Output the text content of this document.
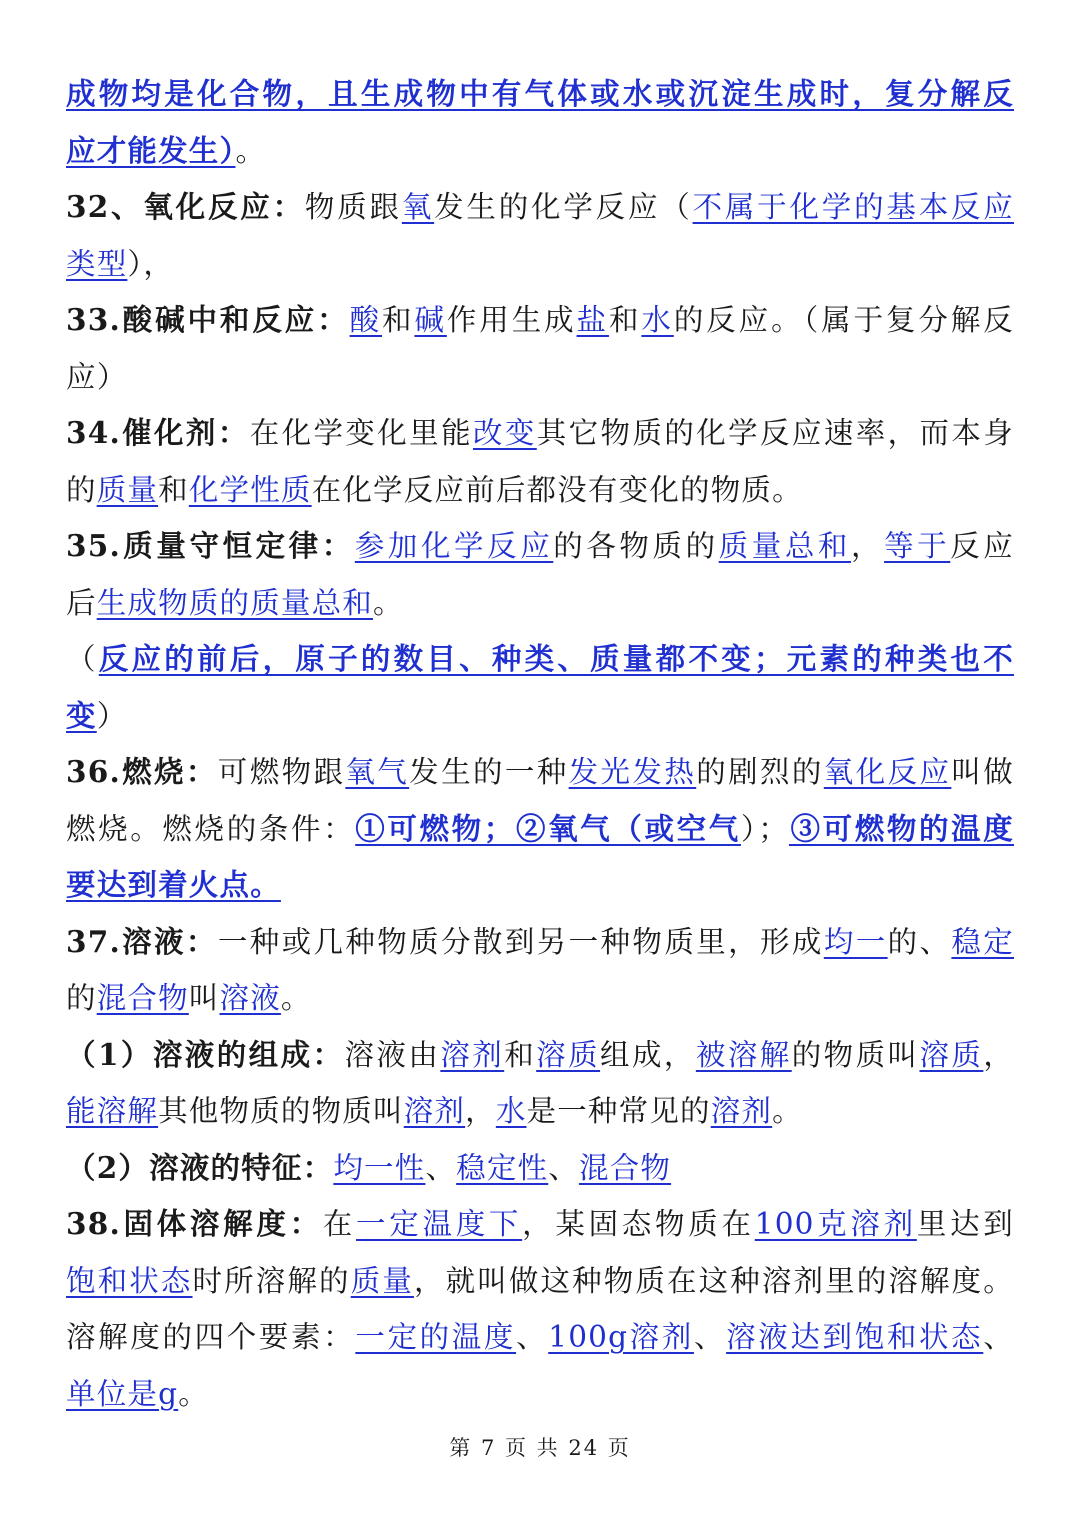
成物均是化合物，且生成物中有气体或水或沉淀生成时，复分解反
应才能发生）。
32、氧化反应：物质跟氧发生的化学反应（不属于化学的基本反应
类型），
33.酸碱中和反应：酸和碱作用生成盐和水的反应。（属于复分解反
应）
34.催化剂：在化学变化里能改变其它物质的化学反应速率，而本身
的质量和化学性质在化学反应前后都没有变化的物质。
35.质量守恒定律：参加化学反应的各物质的质量总和，等于反应
后生成物质的质量总和。
（反应的前后，原子的数目、种类、质量都不变；元素的种类也不
变）
36.燃烧：可燃物跟氧气发生的一种发光发热的剧烈的氧化反应叫做
燃烧。燃烧的条件：①可燃物；②氧气（或空气）；③可燃物的温度
要达到着火点。
37.溶液：一种或几种物质分散到另一种物质里，形成均一的、稳定
的混合物叫溶液。
（1）溶液的组成：溶液由溶剂和溶质组成，被溶解的物质叫溶质，
能溶解其他物质的物质叫溶剂，水是一种常见的溶剂。
（2）溶液的特征：均一性、稳定性、混合物
38.固体溶解度：在一定温度下，某固态物质在100克溶剂里达到
饱和状态时所溶解的质量，就叫做这种物质在这种溶剂里的溶解度。
溶解度的四个要素：一定的温度、100g溶剂、溶液达到饱和状态、
单位是g。
第 7 页 共 24 页
